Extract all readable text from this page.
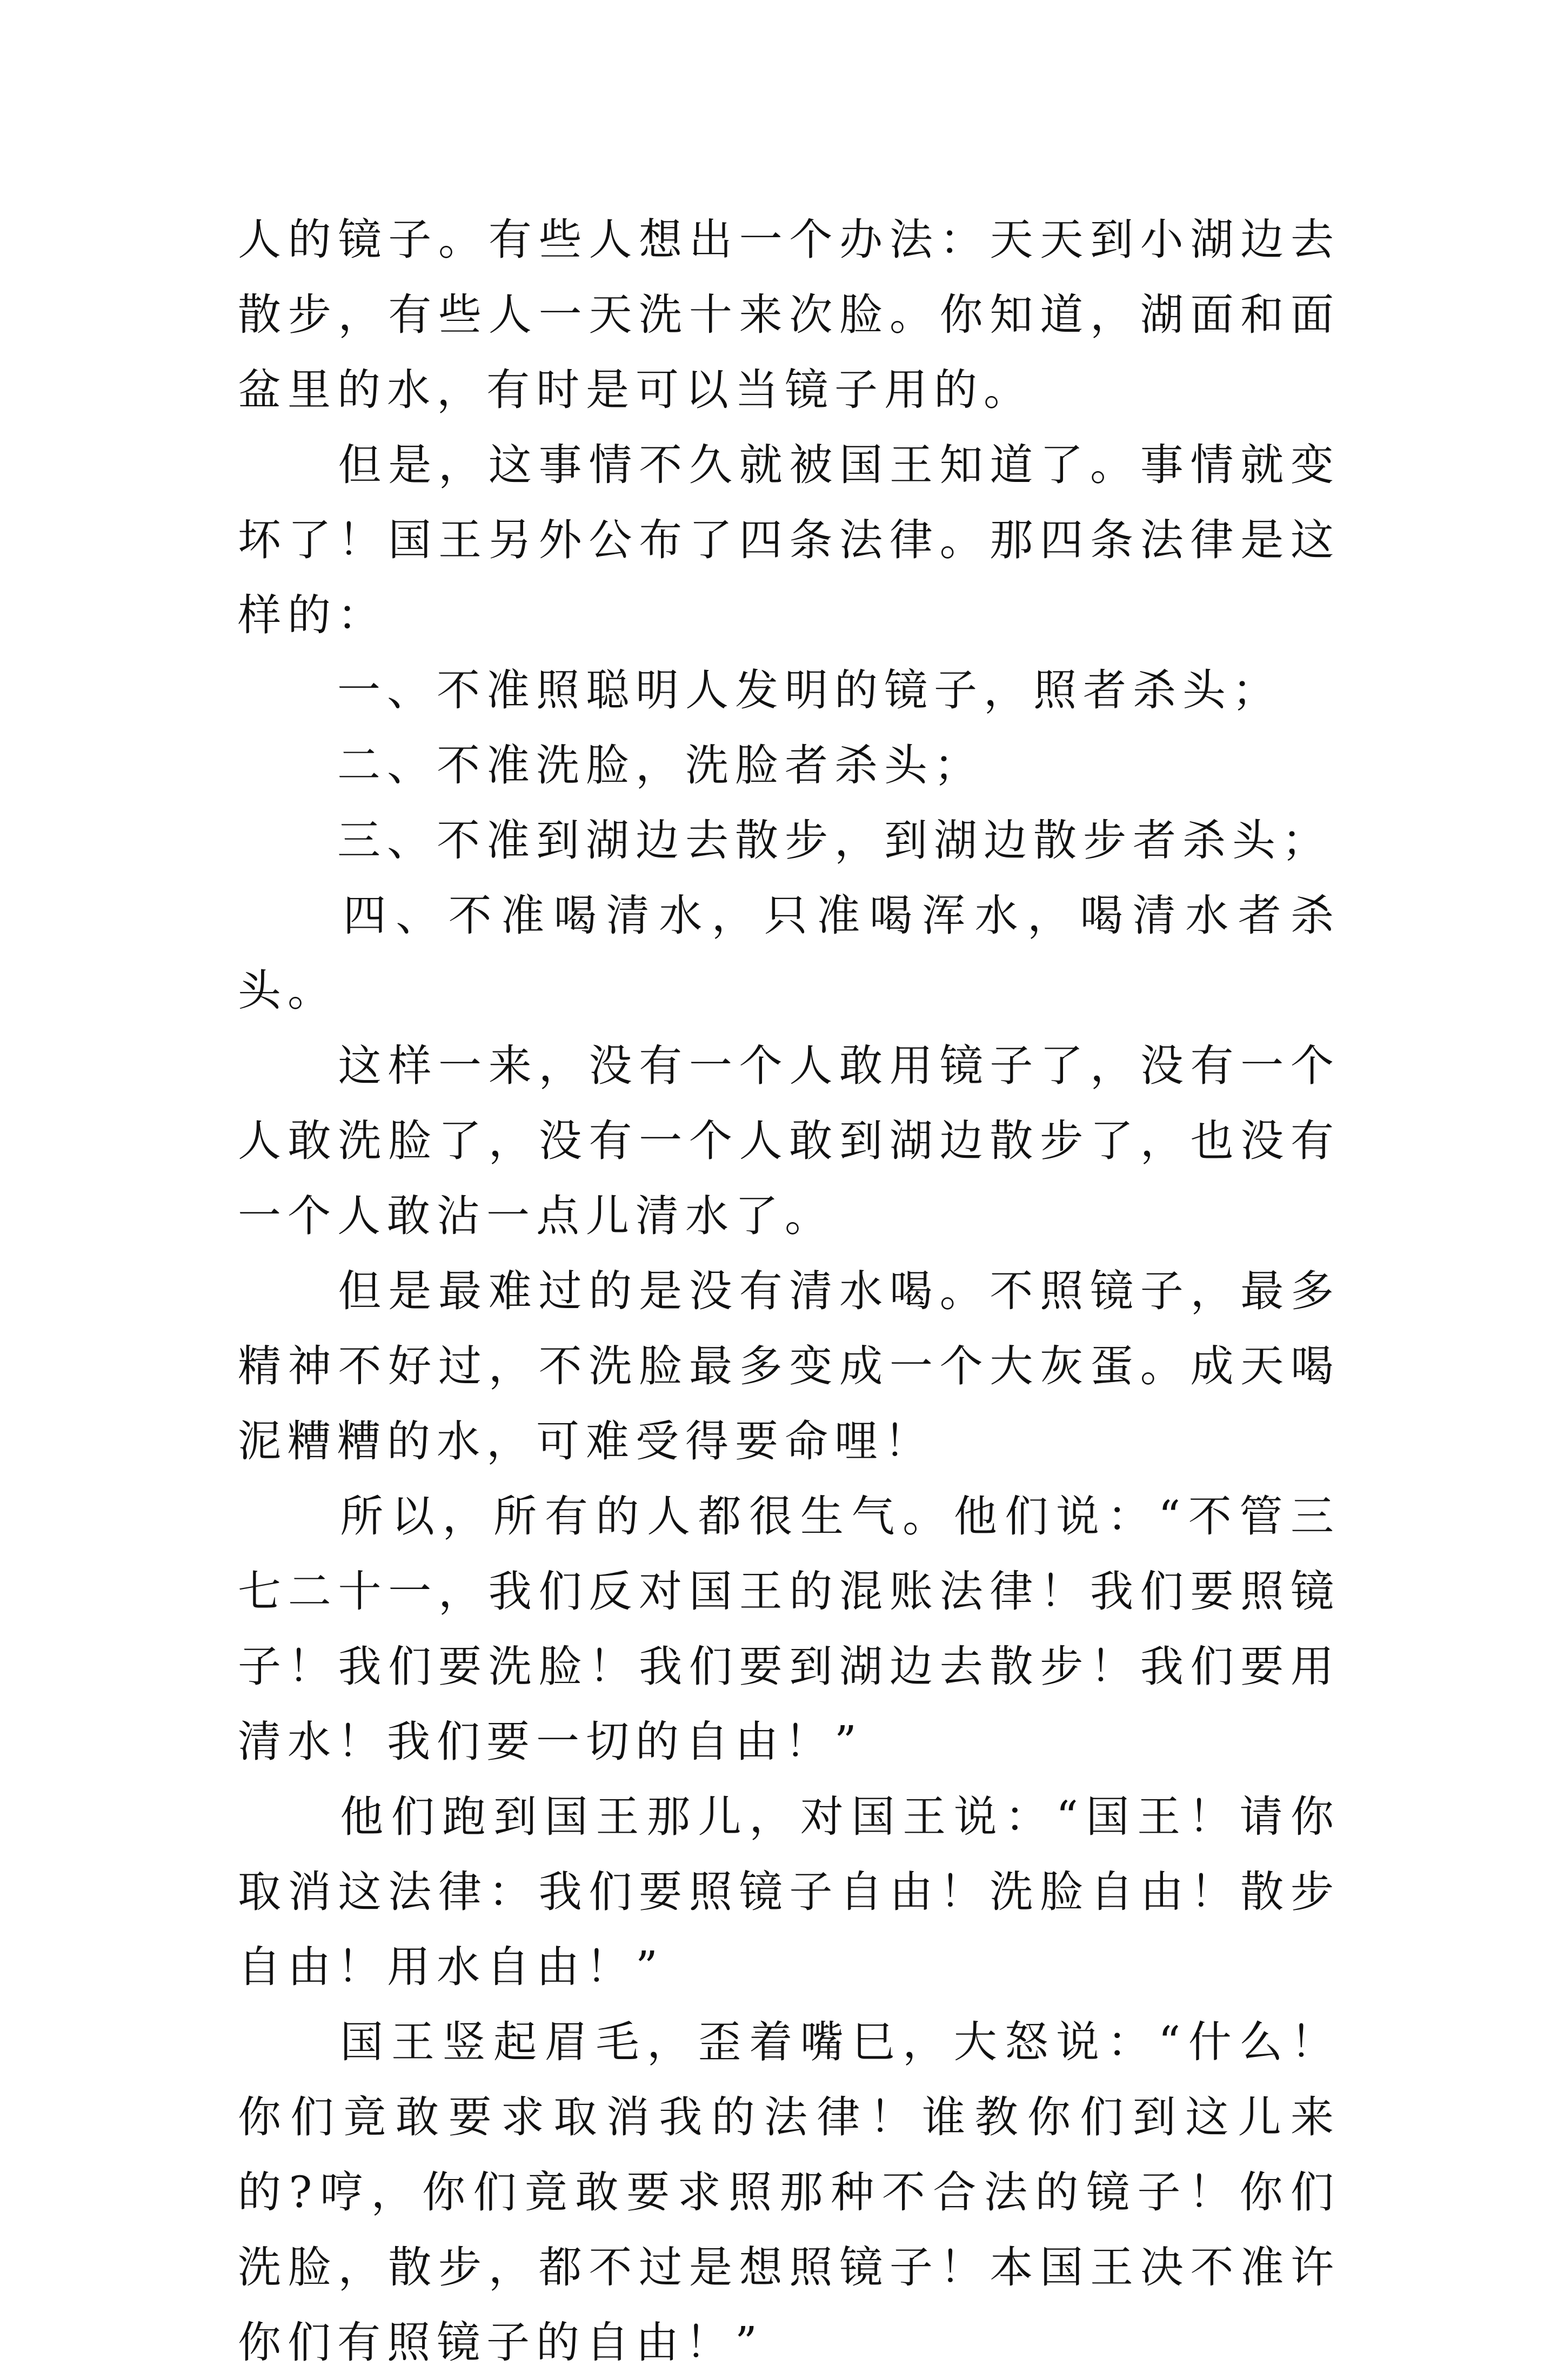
人的镜子。有些人想出一个办法：天天到小湖边去散步，有些人一天洗十来次脸。你知道，湖面和面盆里的水，有时是可以当镜子用的。

　　但是，这事情不久就被国王知道了。事情就变坏了！国王另外公布了四条法律。那四条法律是这样的：

　　一、不准照聪明人发明的镜子，照者杀头；

　　二、不准洗脸，洗脸者杀头；

　　三、不准到湖边去散步，到湖边散步者杀头；

　　四、不准喝清水，只准喝浑水，喝清水者杀头。

　　这样一来，没有一个人敢用镜子了，没有一个人敢洗脸了，没有一个人敢到湖边散步了，也没有一个人敢沾一点儿清水了。

　　但是最难过的是没有清水喝。不照镜子，最多精神不好过，不洗脸最多变成一个大灰蛋。成天喝泥糟糟的水，可难受得要命哩！

　　所以，所有的人都很生气。他们说：“不管三七二十一，我们反对国王的混账法律！我们要照镜子！我们要洗脸！我们要到湖边去散步！我们要用清水！我们要一切的自由！”

　　他们跑到国王那儿，对国王说：“国王！请你取消这法律：我们要照镜子自由！洗脸自由！散步自由！用水自由！”

　　国王竖起眉毛，歪着嘴巳，大怒说：“什么！你们竟敢要求取消我的法律！谁教你们到这儿来的?哼，你们竟敢要求照那种不合法的镜子！你们洗脸，散步，都不过是想照镜子！本国王决不准许你们有照镜子的自由！”
